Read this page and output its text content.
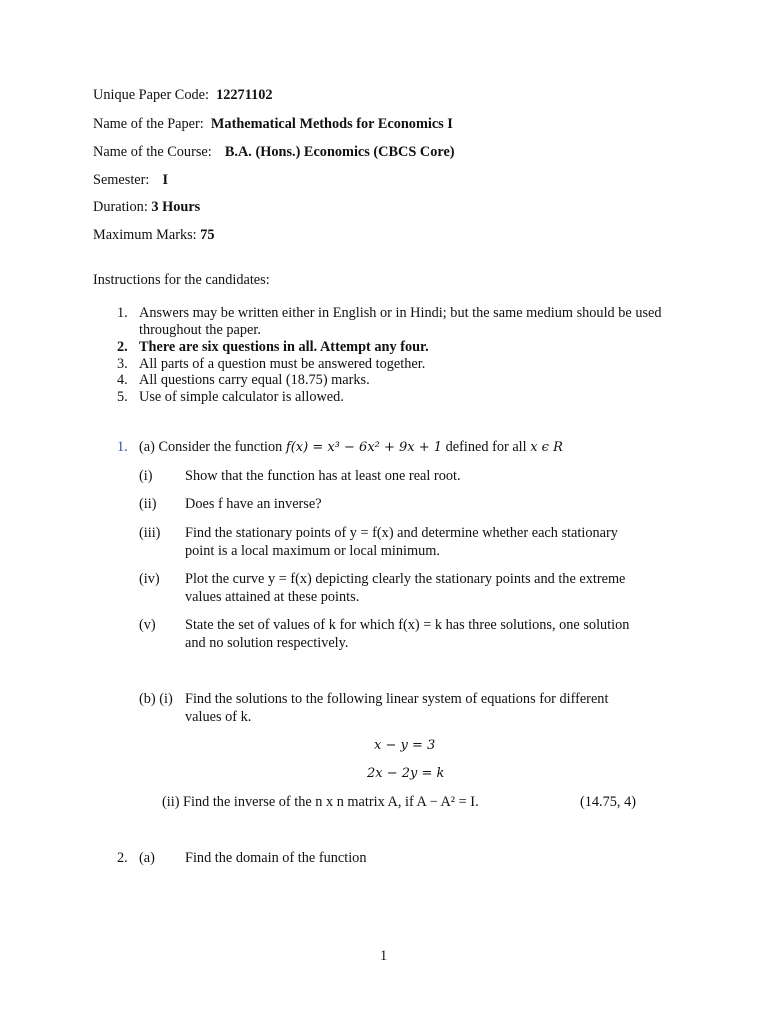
Unique Paper Code: 12271102
Name of the Paper: Mathematical Methods for Economics I
Name of the Course: B.A. (Hons.) Economics (CBCS Core)
Semester: I
Duration: 3 Hours
Maximum Marks: 75
Instructions for the candidates:
1. Answers may be written either in English or in Hindi; but the same medium should be used throughout the paper.
2. There are six questions in all. Attempt any four.
3. All parts of a question must be answered together.
4. All questions carry equal (18.75) marks.
5. Use of simple calculator is allowed.
1. (a) Consider the function f(x) = x³ − 6x² + 9x + 1 defined for all x ϵ R
(i) Show that the function has at least one real root.
(ii) Does f have an inverse?
(iii) Find the stationary points of y = f(x) and determine whether each stationary
point is a local maximum or local minimum.
(iv) Plot the curve y = f(x) depicting clearly the stationary points and the extreme
values attained at these points.
(v) State the set of values of k for which f(x) = k has three solutions, one solution
and no solution respectively.
(b) (i) Find the solutions to the following linear system of equations for different
values of k.
x − y = 3
2x − 2y = k
(ii) Find the inverse of the n x n matrix A, if A − A² = I.	(14.75, 4)
2. (a) Find the domain of the function
1
